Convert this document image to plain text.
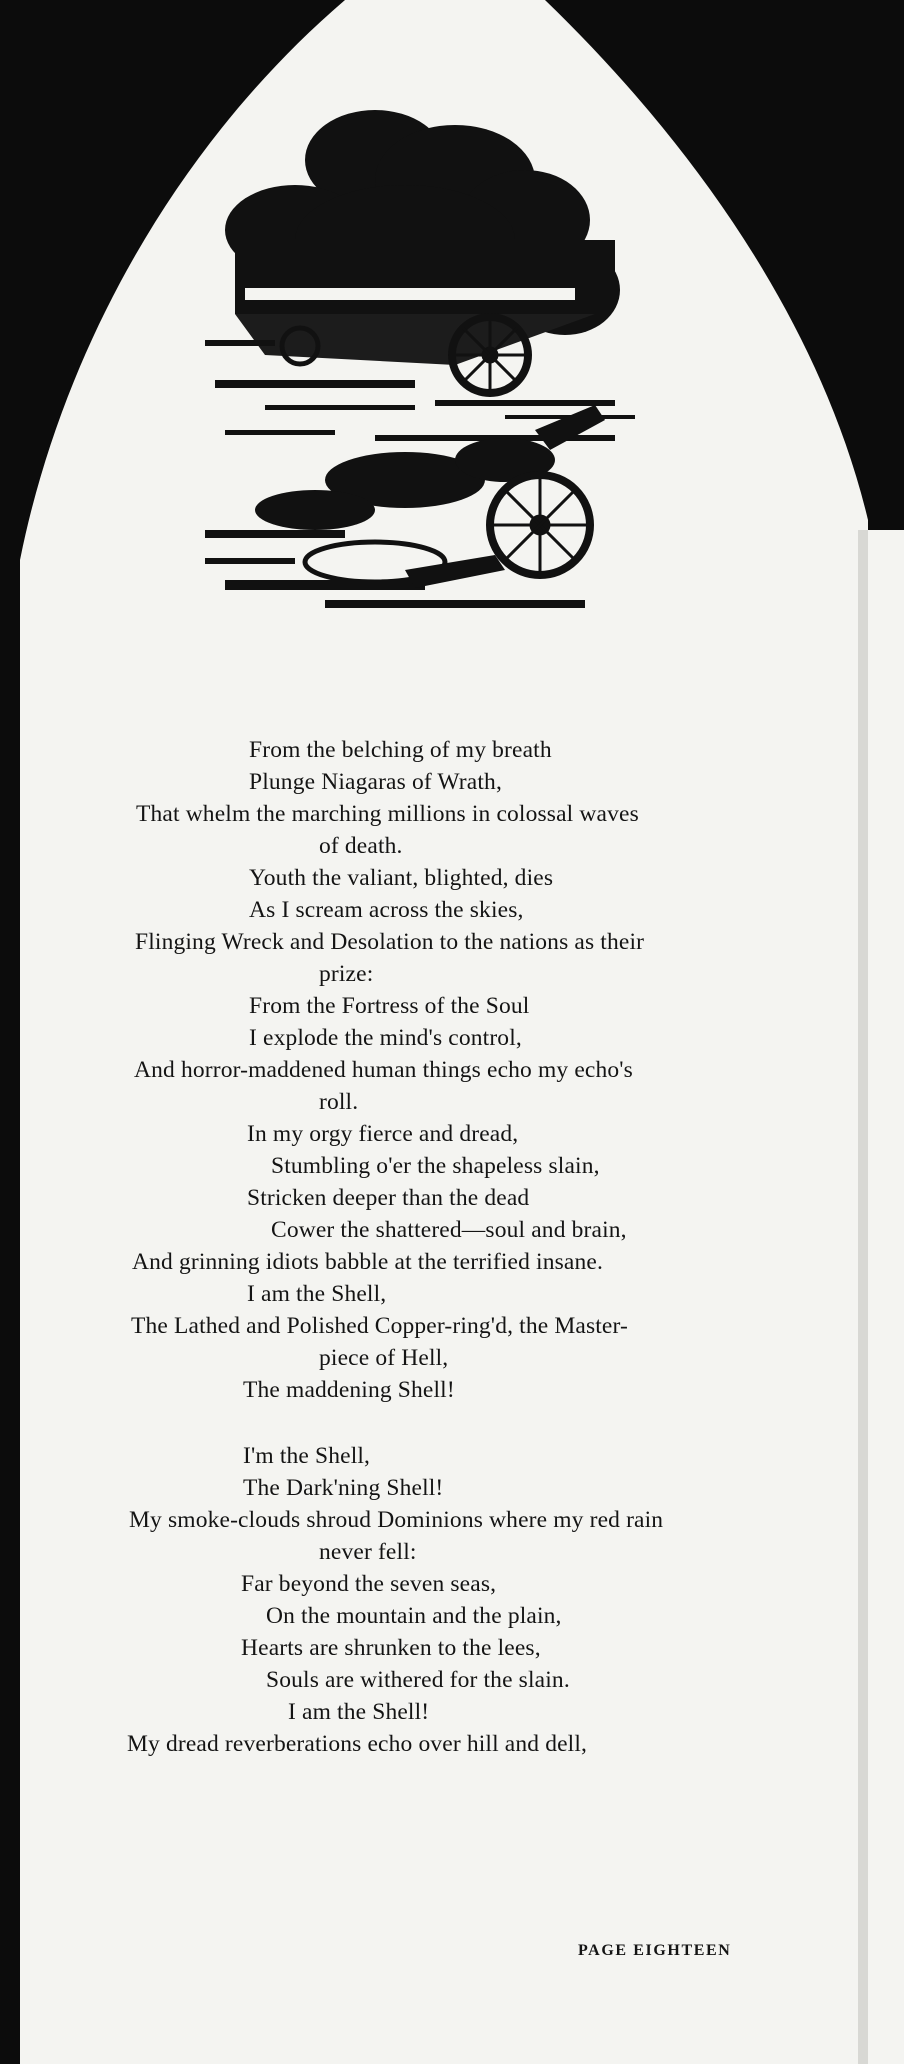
From the belching of my breath
Plunge Niagaras of Wrath,
That whelm the marching millions in colossal waves
of death.
Youth the valiant, blighted, dies
As I scream across the skies,
Flinging Wreck and Desolation to the nations as their
prize:
From the Fortress of the Soul
I explode the mind's control,
And horror-maddened human things echo my echo's
roll.
In my orgy fierce and dread,
Stumbling o'er the shapeless slain,
Stricken deeper than the dead
Cower the shattered—soul and brain,
And grinning idiots babble at the terrified insane.
I am the Shell,
The Lathed and Polished Copper-ring'd, the Master-
piece of Hell,
The maddening Shell!
I'm the Shell,
The Dark'ning Shell!
My smoke-clouds shroud Dominions where my red rain
never fell:
Far beyond the seven seas,
On the mountain and the plain,
Hearts are shrunken to the lees,
Souls are withered for the slain.
I am the Shell!
My dread reverberations echo over hill and dell,
PAGE EIGHTEEN
